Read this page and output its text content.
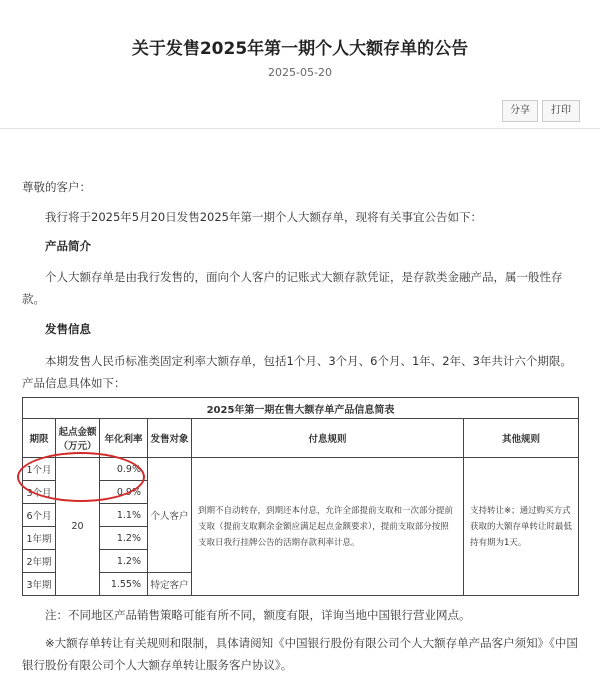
关于发售2025年第一期个人大额存单的公告
2025-05-20
分享	打印
尊敬的客户：
我行将于2025年5月20日发售2025年第一期个人大额存单，现将有关事宜公告如下：
产品简介
个人大额存单是由我行发售的，面向个人客户的记账式大额存款凭证，是存款类金融产品，属一般性存款。
发售信息
本期发售人民币标准类固定利率大额存单，包括1个月、3个月、6个月、1年、2年、3年共计六个期限。产品信息具体如下：
2025年第一期在售大额存单产品信息简表					
期限	起点金额（万元）	年化利率	发售对象	付息规则	其他规则
1个月	20	0.9%	个人客户	到期不自动转存，到期还本付息，允许全部提前支取和一次部分提前支取（提前支取剩余金额应满足起点金额要求），提前支取部分按照支取日我行挂牌公告的活期存款利率计息。	支持转让※；通过购买方式获取的大额存单转让时最低持有期为1天。
3个月		0.9%			
6个月		1.1%			
1年期		1.2%			
2年期		1.2%			
3年期		1.55%	特定客户		
注：不同地区产品销售策略可能有所不同，额度有限，详询当地中国银行营业网点。
※大额存单转让有关规则和限制，具体请阅知《中国银行股份有限公司个人大额存单产品客户须知》《中国银行股份有限公司个人大额存单转让服务客户协议》。
